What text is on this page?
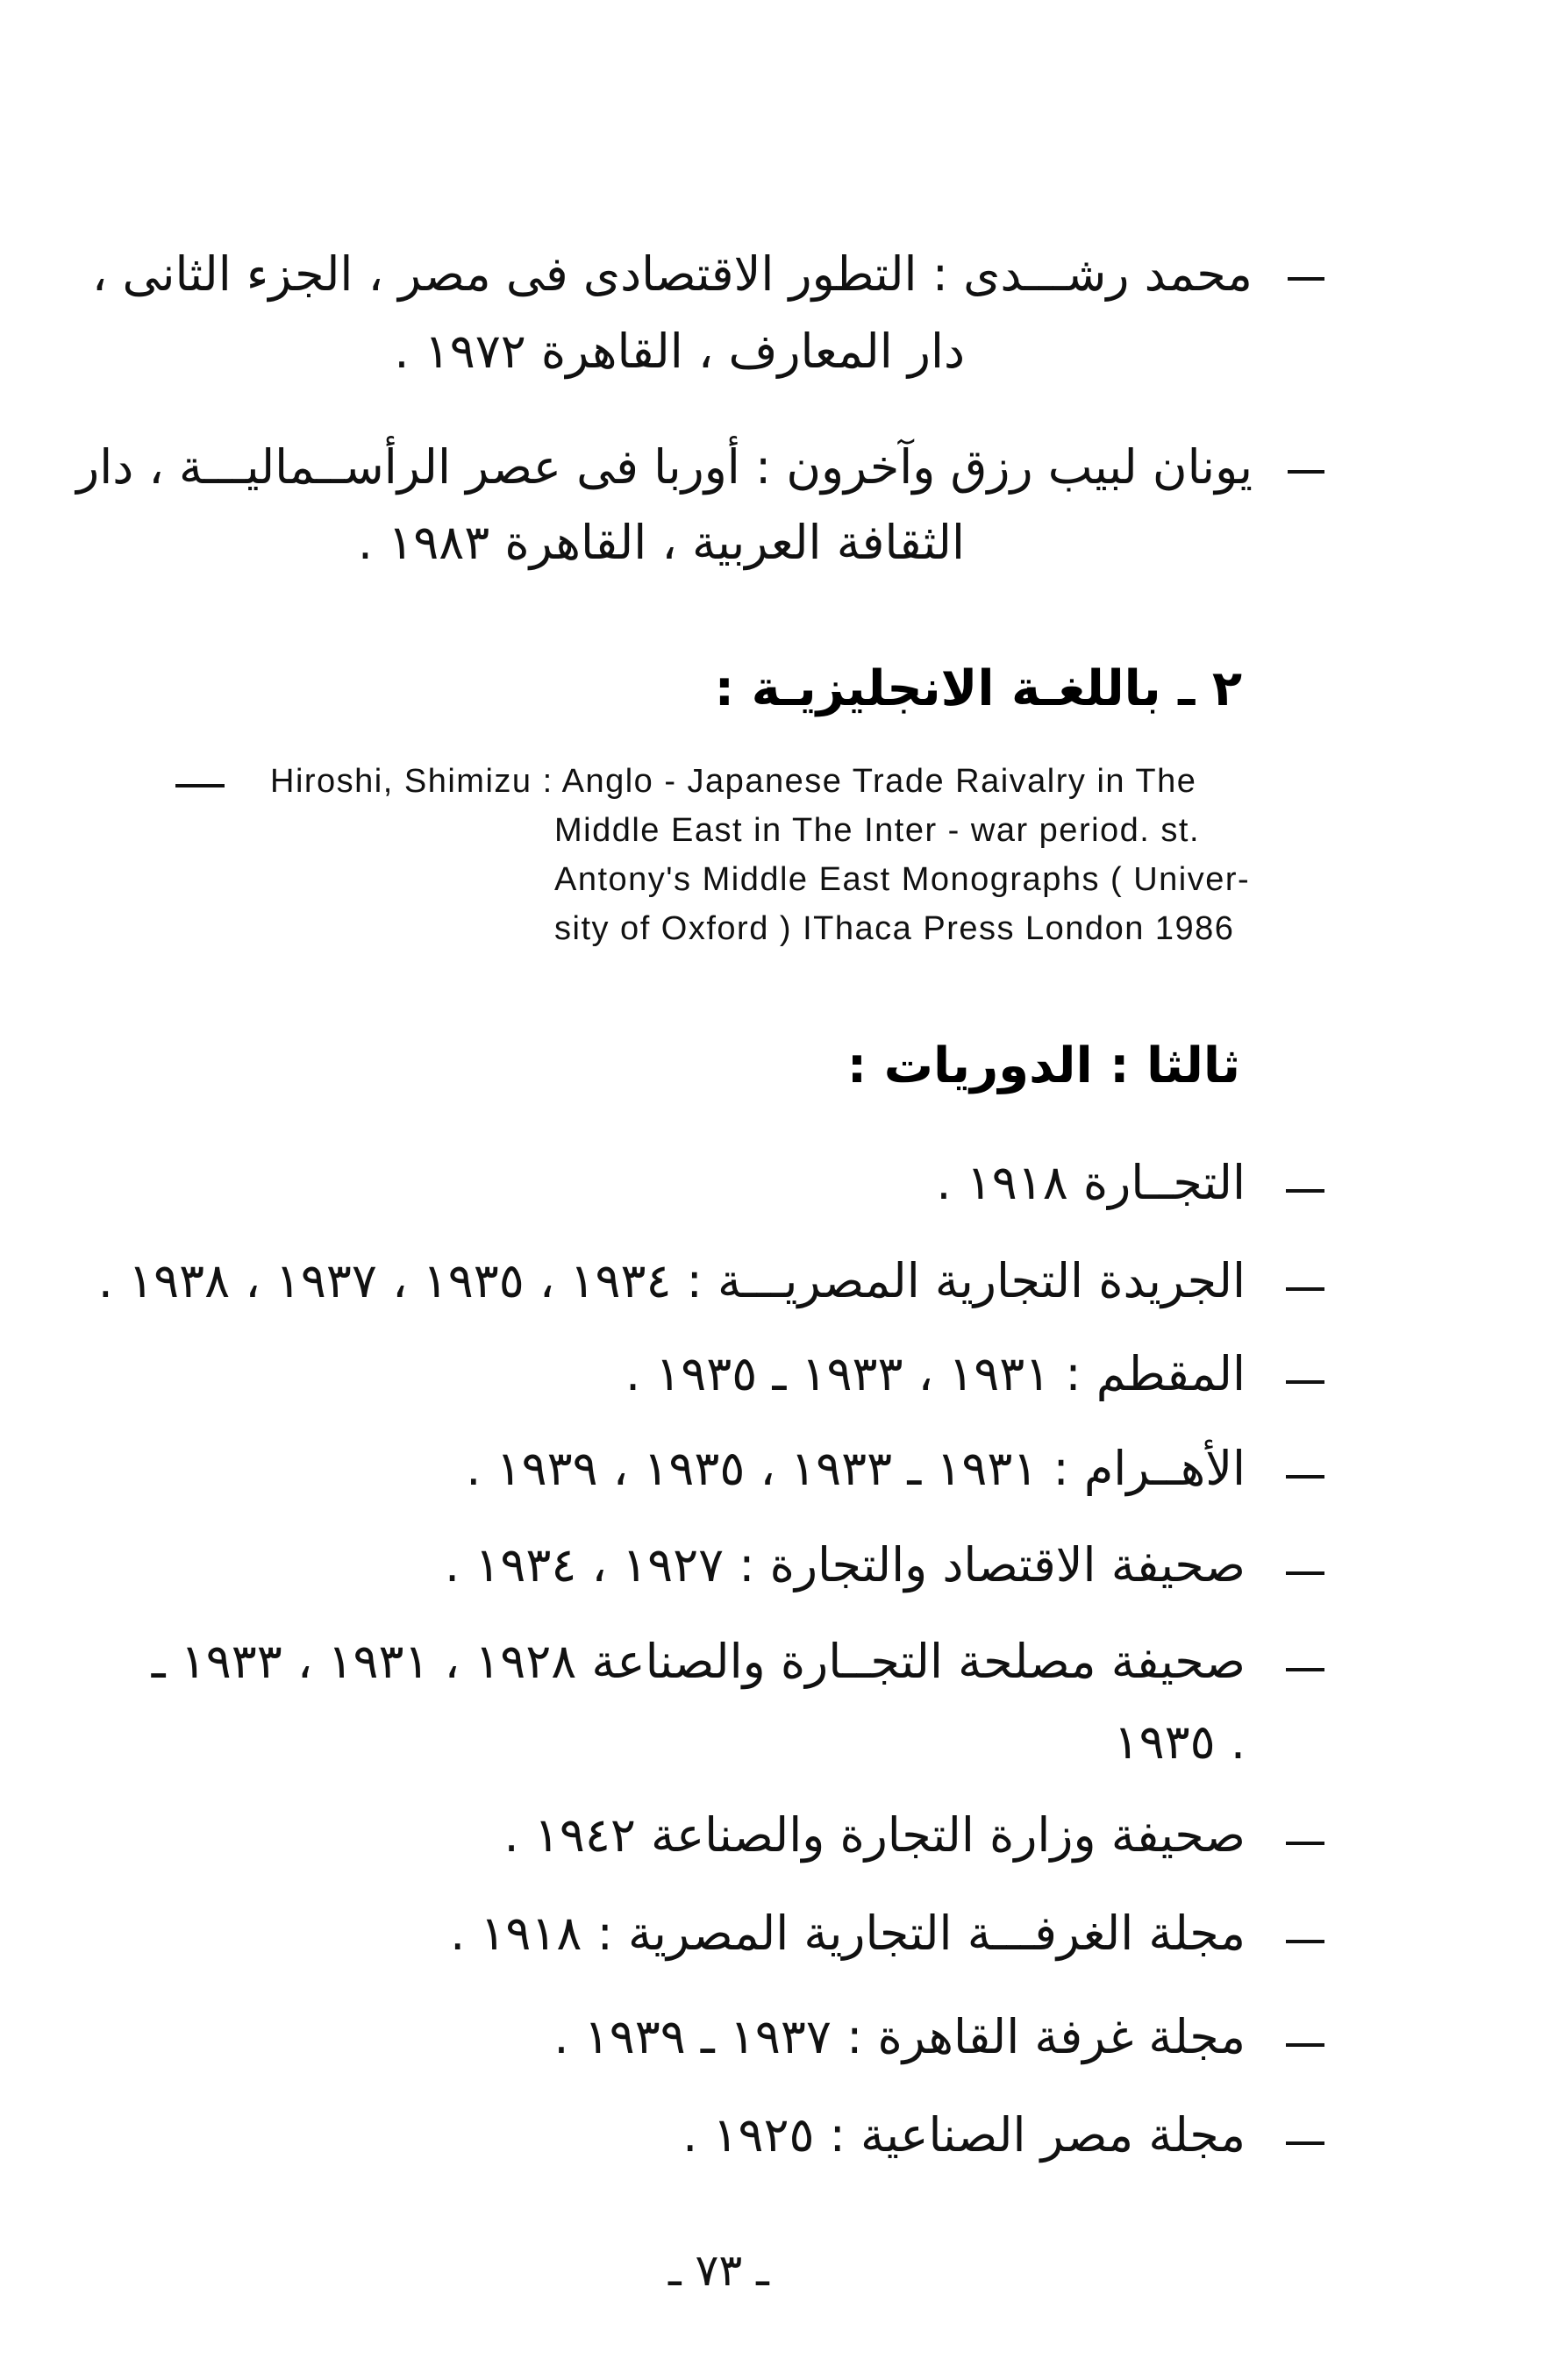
محمد رشـــدى : التطور الاقتصادى فى مصر ، الجزء الثانى ،
دار المعارف ، القاهرة ١٩٧٢ .
يونان لبيب رزق وآخرون : أوربا فى عصر الرأســماليـــة ، دار
الثقافة العربية ، القاهرة ١٩٨٣ .
٢ ـ باللغـة الانجليزيـة :
Hiroshi, Shimizu : Anglo - Japanese Trade Raivalry in The
Middle East in The Inter - war period. st.
Antony's Middle East Monographs ( Univer-
sity of Oxford ) IThaca Press London 1986
ثالثا : الدوريات :
التجــارة ١٩١٨ .
الجريدة التجارية المصريـــة : ١٩٣٤ ، ١٩٣٥ ، ١٩٣٧ ، ١٩٣٨ .
المقطم : ١٩٣١ ، ١٩٣٣ ـ ١٩٣٥ .
الأهــرام : ١٩٣١ ـ ١٩٣٣ ، ١٩٣٥ ، ١٩٣٩ .
صحيفة الاقتصاد والتجارة : ١٩٢٧ ، ١٩٣٤ .
صحيفة مصلحة التجــارة والصناعة ١٩٢٨ ، ١٩٣١ ، ١٩٣٣ ـ
١٩٣٥ .
صحيفة وزارة التجارة والصناعة ١٩٤٢ .
مجلة الغرفـــة التجارية المصرية : ١٩١٨ .
مجلة غرفة القاهرة : ١٩٣٧ ـ ١٩٣٩ .
مجلة مصر الصناعية : ١٩٢٥ .
ـ ٧٣ ـ
